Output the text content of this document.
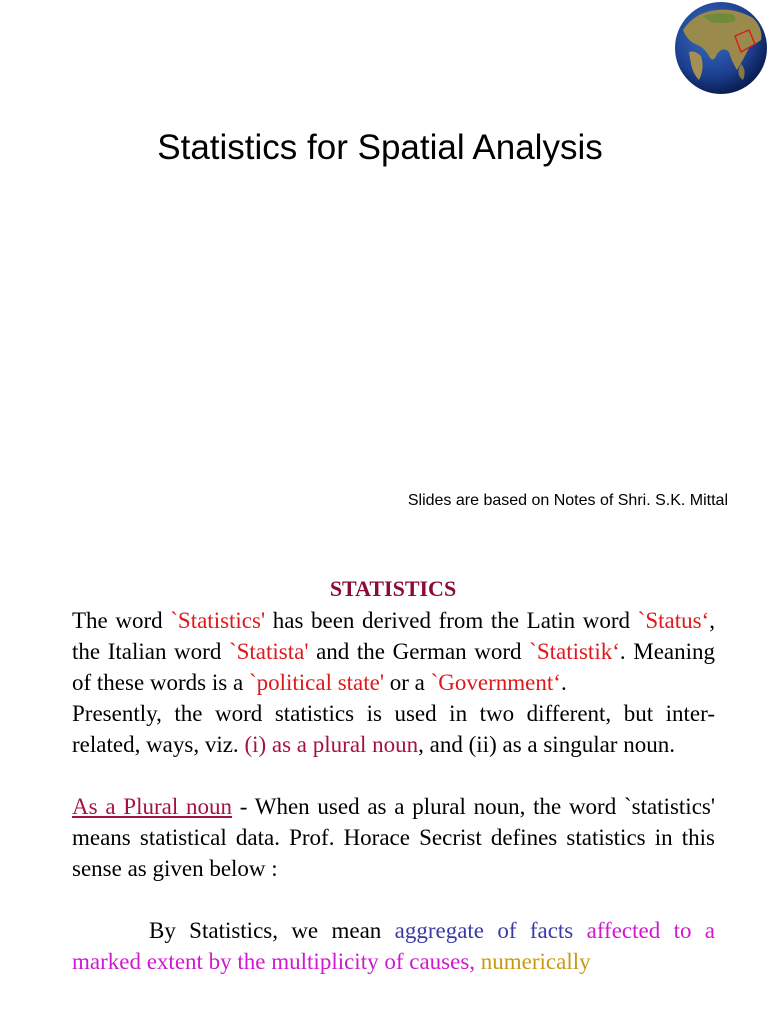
Statistics for Spatial Analysis
Slides are based on Notes of Shri. S.K. Mittal
STATISTICS

The word `Statistics' has been derived from the Latin word `Status‘, the Italian word `Statista' and the German word `Statistik‘. Meaning of these words is a `political state' or a `Government‘.

Presently, the word statistics is used in two different, but inter-related, ways, viz. (i) as a plural noun, and (ii) as a singular noun.

As a Plural noun - When used as a plural noun, the word `statistics' means statistical data. Prof. Horace Secrist defines statistics in this sense as given below :

By Statistics, we mean aggregate of facts affected to a marked extent by the multiplicity of causes, numerically
